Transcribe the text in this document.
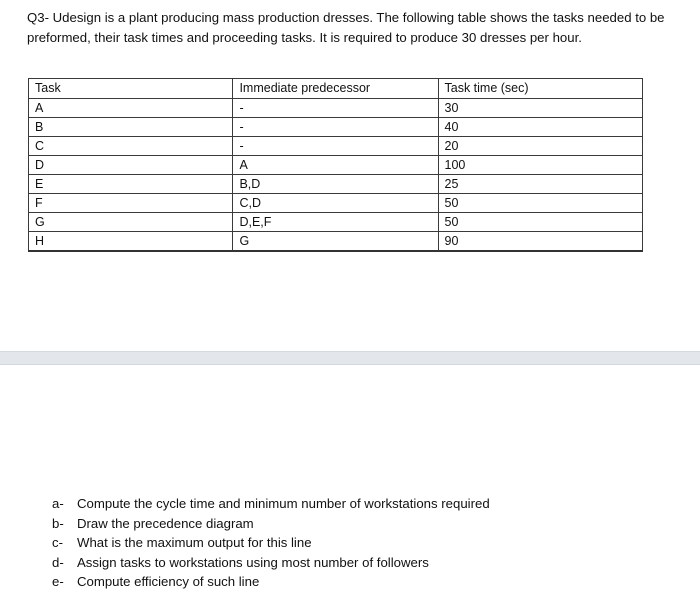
Q3- Udesign is a plant producing mass production dresses. The following table shows the tasks needed to be preformed, their task times and proceeding tasks. It is required to produce 30 dresses per hour.
Task	Immediate predecessor	Task time (sec)
A	-	30
B	-	40
C	-	20
D	A	100
E	B,D	25
F	C,D	50
G	D,E,F	50
H	G	90
a-	Compute the cycle time and minimum number of workstations required
b-	Draw the precedence diagram
c-	What is the maximum output for this line
d-	Assign tasks to workstations using most number of followers
e-	Compute efficiency of such line
